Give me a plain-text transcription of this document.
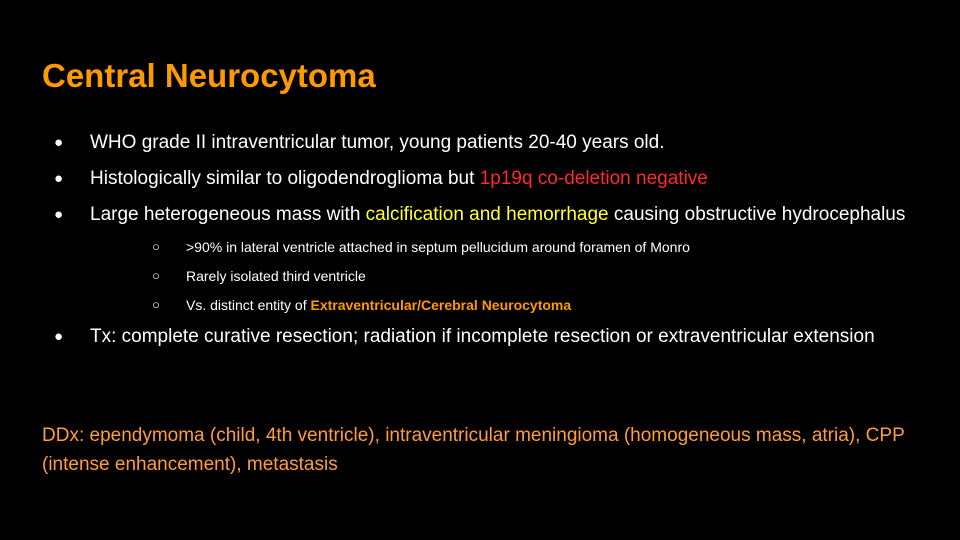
Central Neurocytoma
● WHO grade II intraventricular tumor, young patients 20-40 years old.
● Histologically similar to oligodendroglioma but 1p19q co-deletion negative
● Large heterogeneous mass with calcification and hemorrhage causing obstructive hydrocephalus
○ >90% in lateral ventricle attached in septum pellucidum around foramen of Monro
○ Rarely isolated third ventricle
○ Vs. distinct entity of Extraventricular/Cerebral Neurocytoma
● Tx: complete curative resection; radiation if incomplete resection or extraventricular extension

DDx: ependymoma (child, 4th ventricle), intraventricular meningioma (homogeneous mass, atria), CPP (intense enhancement), metastasis
